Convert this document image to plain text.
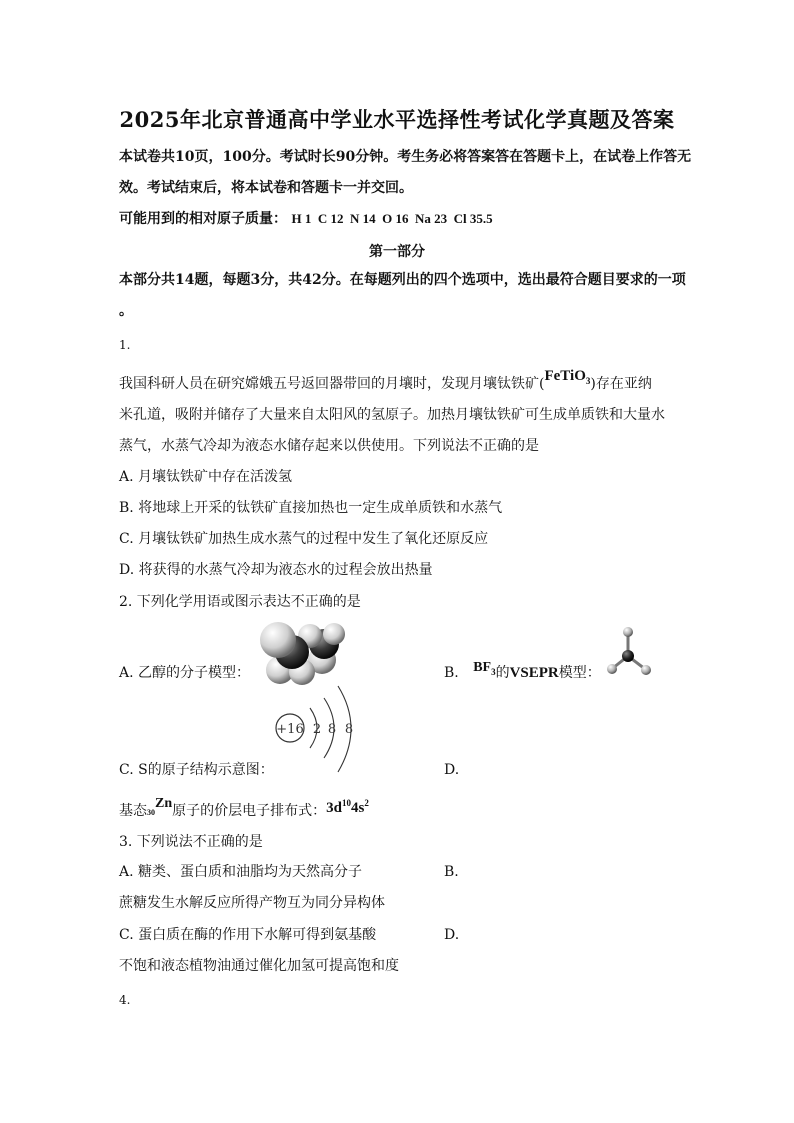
2025年北京普通高中学业水平选择性考试化学真题及答案
本试卷共10页，100分。考试时长90分钟。考生务必将答案答在答题卡上，在试卷上作答无
效。考试结束后，将本试卷和答题卡一并交回。
可能用到的相对原子质量： H 1  C 12  N 14  O 16  Na 23  Cl 35.5
第一部分
本部分共14题，每题3分，共42分。在每题列出的四个选项中，选出最符合题目要求的一项
。
1.
我国科研人员在研究嫦娥五号返回器带回的月壤时，发现月壤钛铁矿(FeTiO$_3$)存在亚纳
米孔道，吸附并储存了大量来自太阳风的氢原子。加热月壤钛铁矿可生成单质铁和大量水
蒸气，水蒸气冷却为液态水储存起来以供使用。下列说法不正确的是
A. 月壤钛铁矿中存在活泼氢
B. 将地球上开采的钛铁矿直接加热也一定生成单质铁和水蒸气
C. 月壤钛铁矿加热生成水蒸气的过程中发生了氧化还原反应
D. 将获得的水蒸气冷却为液态水的过程会放出热量
2. 下列化学用语或图示表达不正确的是
A. 乙醇的分子模型：	B. $BF_3$的VSEPR模型：
+16 2 8 8
C. S的原子结构示意图：	D.
基态30Zn原子的价层电子排布式：$3d^{10}4s^2$
3. 下列说法不正确的是
A. 糖类、蛋白质和油脂均为天然高分子	B.
蔗糖发生水解反应所得产物互为同分异构体
C. 蛋白质在酶的作用下水解可得到氨基酸	D.
不饱和液态植物油通过催化加氢可提高饱和度
4.
